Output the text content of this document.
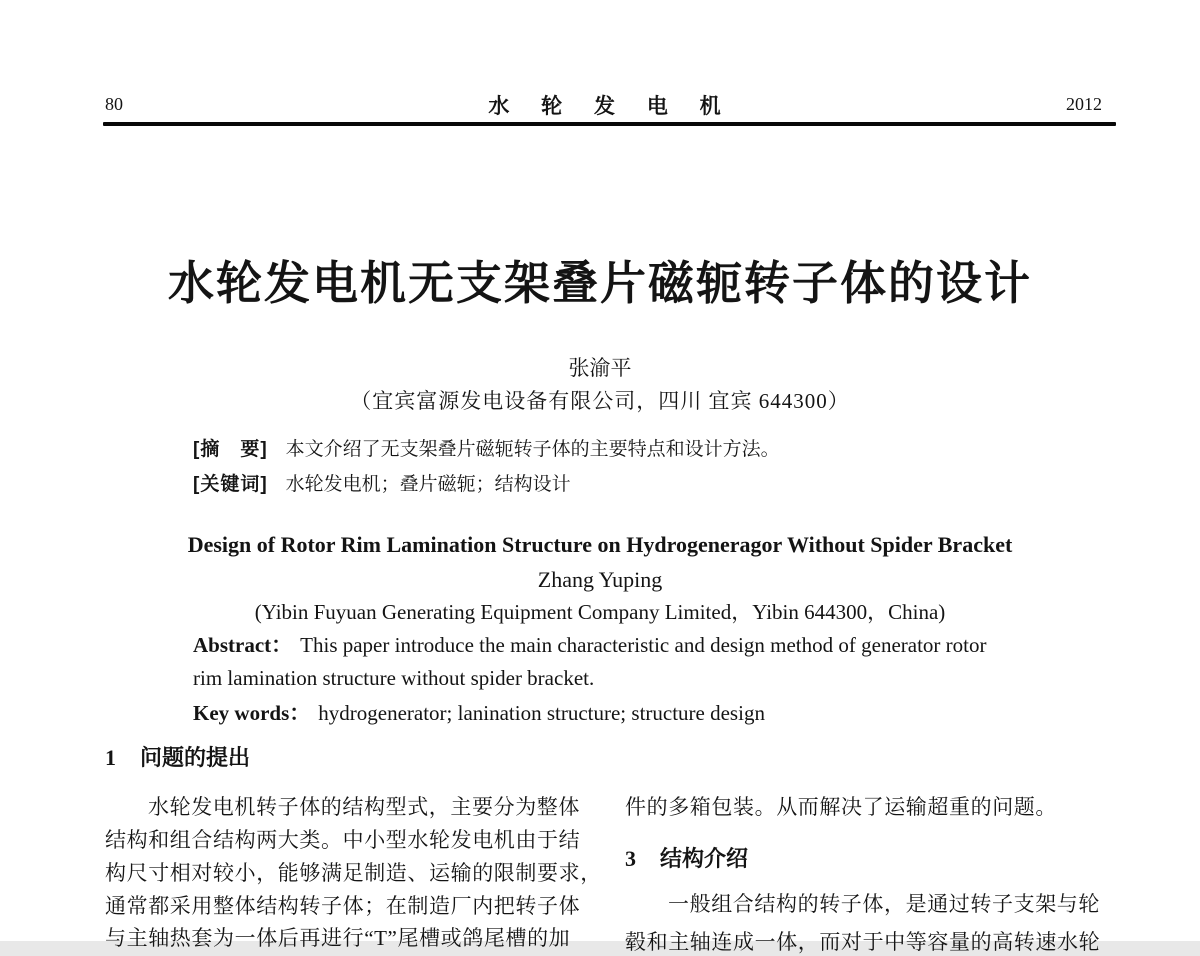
80	水 轮 发 电 机	2012
水轮发电机无支架叠片磁轭转子体的设计
张渝平
（宜宾富源发电设备有限公司，四川 宜宾 644300）
[摘　要] 本文介绍了无支架叠片磁轭转子体的主要特点和设计方法。
[关键词] 水轮发电机；叠片磁轭；结构设计
Design of Rotor Rim Lamination Structure on Hydrogeneragor Without Spider Bracket
Zhang Yuping
(Yibin Fuyuan Generating Equipment Company Limited，Yibin 644300，China)
Abstract： This paper introduce the main characteristic and design method of generator rotor
rim lamination structure without spider bracket.
Key words： hydrogenerator; lanination structure; structure design
1 问题的提出
水轮发电机转子体的结构型式，主要分为整体
结构和组合结构两大类。中小型水轮发电机由于结
构尺寸相对较小，能够满足制造、运输的限制要求，
通常都采用整体结构转子体；在制造厂内把转子体
与主轴热套为一体后再进行“T”尾槽或鸽尾槽的加
件的多箱包装。从而解决了运输超重的问题。
3 结构介绍
一般组合结构的转子体，是通过转子支架与轮
毂和主轴连成一体，而对于中等容量的高转速水轮
